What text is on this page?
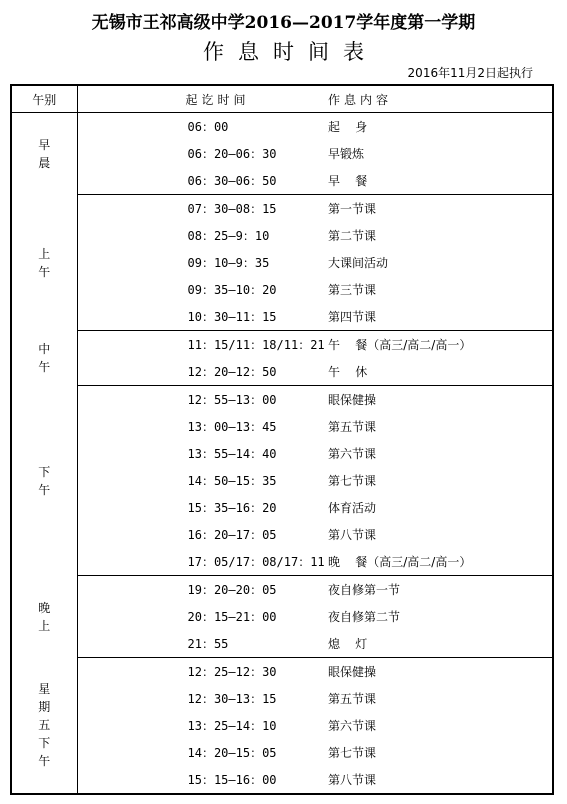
无锡市王祁高级中学2016—2017学年度第一学期
作息时间表
2016年11月2日起执行
午别	起讫时间	作息内容
早
晨	06：00	起    身
	06：20—06：30	早锻炼
	06：30—06：50	早    餐
上
午	07：30—08：15	第一节课
	08：25—9：10	第二节课
	09：10—9：35	大课间活动
	09：35—10：20	第三节课
	10：30—11：15	第四节课
中
午	11：15/11：18/11：21	午    餐（高三/高二/高一）
	12：20—12：50	午    休
下
午	12：55—13：00	眼保健操
	13：00—13：45	第五节课
	13：55—14：40	第六节课
	14：50—15：35	第七节课
	15：35—16：20	体育活动
	16：20—17：05	第八节课
	17：05/17：08/17：11	晚    餐（高三/高二/高一）
晚
上	19：20—20：05	夜自修第一节
	20：15—21：00	夜自修第二节
	21：55	熄    灯
星
期
五
下
午	12：25—12：30	眼保健操
	12：30—13：15	第五节课
	13：25—14：10	第六节课
	14：20—15：05	第七节课
	15：15—16：00	第八节课
